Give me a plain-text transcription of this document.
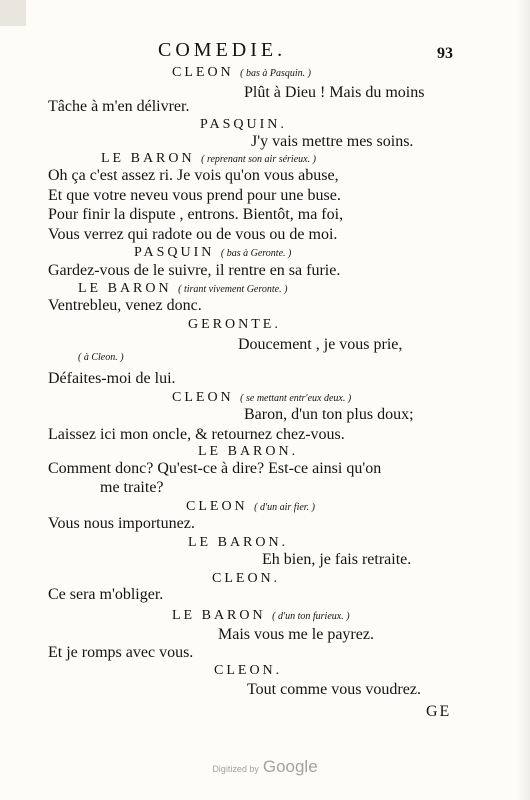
COMEDIE.	93
CLEON ( bas à Pasquin. )
Plût à Dieu ! Mais du moins
Tâche à m'en délivrer.
PASQUIN.
J'y vais mettre mes soins.
LE BARON ( reprenant son air sérieux. )
Oh ça c'est assez ri. Je vois qu'on vous abuse,
Et que votre neveu vous prend pour une buse.
Pour finir la dispute , entrons. Bientôt, ma foi,
Vous verrez qui radote ou de vous ou de moi.
PASQUIN ( bas à Geronte. )
Gardez-vous de le suivre, il rentre en sa furie.
LE BARON ( tirant vivement Geronte. )
Ventrebleu, venez donc.
GERONTE.
Doucement , je vous prie,
( à Cleon. )
Défaites-moi de lui.
CLEON ( se mettant entr'eux deux. )
Baron, d'un ton plus doux;
Laissez ici mon oncle, & retournez chez-vous.
LE BARON.
Comment donc? Qu'est-ce à dire? Est-ce ainsi qu'on
me traite?
CLEON ( d'un air fier. )
Vous nous importunez.
LE BARON.
Eh bien, je fais retraite.
CLEON.
Ce sera m'obliger.
LE BARON ( d'un ton furieux. )
Mais vous me le payrez.
Et je romps avec vous.
CLEON.
Tout comme vous voudrez.
GE
Digitized by Google
